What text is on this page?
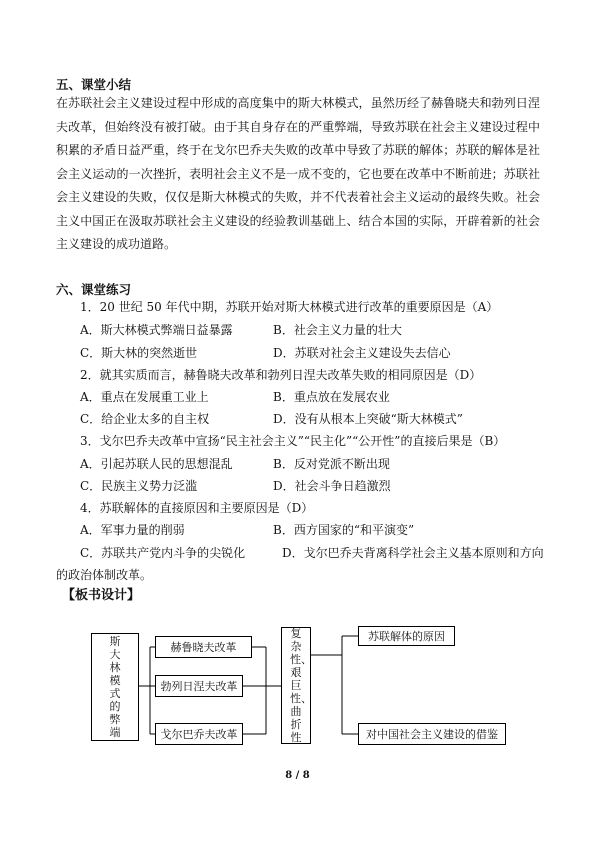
五、课堂小结
在苏联社会主义建设过程中形成的高度集中的斯大林模式，虽然历经了赫鲁晓夫和勃列日涅夫改革，但始终没有被打破。由于其自身存在的严重弊端，导致苏联在社会主义建设过程中积累的矛盾日益严重，终于在戈尔巴乔夫失败的改革中导致了苏联的解体；苏联的解体是社会主义运动的一次挫折，表明社会主义不是一成不变的，它也要在改革中不断前进；苏联社会主义建设的失败，仅仅是斯大林模式的失败，并不代表着社会主义运动的最终失败。社会主义中国正在汲取苏联社会主义建设的经验教训基础上、结合本国的实际，开辟着新的社会主义建设的成功道路。
六、课堂练习
1．20 世纪 50 年代中期，苏联开始对斯大林模式进行改革的重要原因是（A）
A．斯大林模式弊端日益暴露	B．社会主义力量的壮大
C．斯大林的突然逝世	D．苏联对社会主义建设失去信心
2．就其实质而言，赫鲁晓夫改革和勃列日涅夫改革失败的相同原因是（D）
A．重点在发展重工业上	B．重点放在发展农业
C．给企业太多的自主权	D．没有从根本上突破“斯大林模式”
3．戈尔巴乔夫改革中宣扬“民主社会主义”“民主化”“公开性”的直接后果是（B）
A．引起苏联人民的思想混乱	B．反对党派不断出现
C．民族主义势力泛滥	D．社会斗争日趋激烈
4．苏联解体的直接原因和主要原因是（D）
A．军事力量的削弱	B．西方国家的“和平演变”
C．苏联共产党内斗争的尖锐化	D．戈尔巴乔夫背离科学社会主义基本原则和方向
的政治体制改革。
【板书设计】
斯大林模式的弊端
赫鲁晓夫改革
勃列日涅夫改革
戈尔巴乔夫改革
复杂性、艰巨性、曲折性
苏联解体的原因
对中国社会主义建设的借鉴
8 / 8
